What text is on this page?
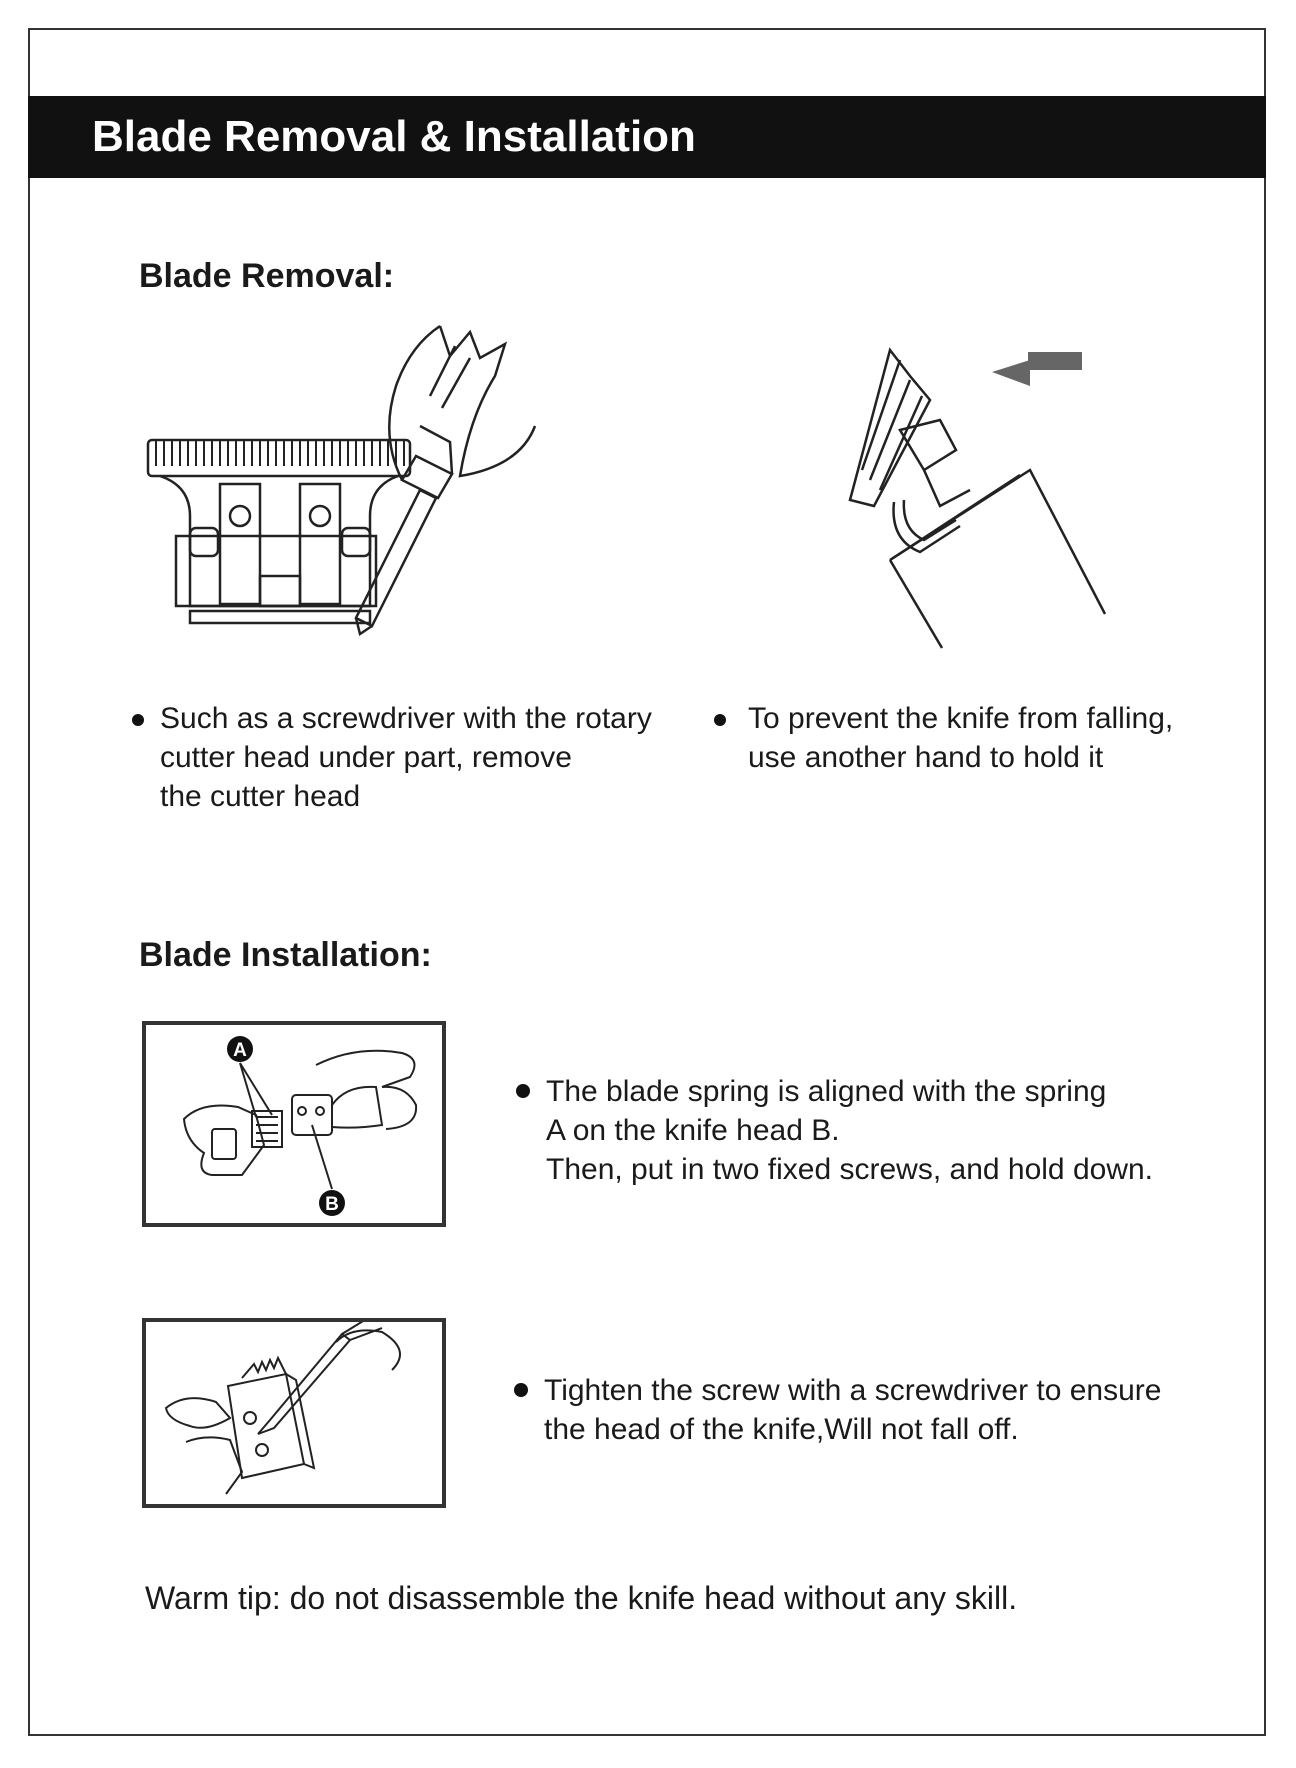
Blade Removal & Installation
Blade Removal:
Such as a screwdriver with the rotary
cutter head under part, remove
the cutter head
To prevent the knife from falling,
use another hand to hold it
Blade Installation:
A
B
The blade spring is aligned with the spring
A on the knife head B.
Then, put in two fixed screws, and hold down.
Tighten the screw with a screwdriver to ensure
the head of the knife,Will not fall off.
Warm tip: do not disassemble the knife head without any skill.
